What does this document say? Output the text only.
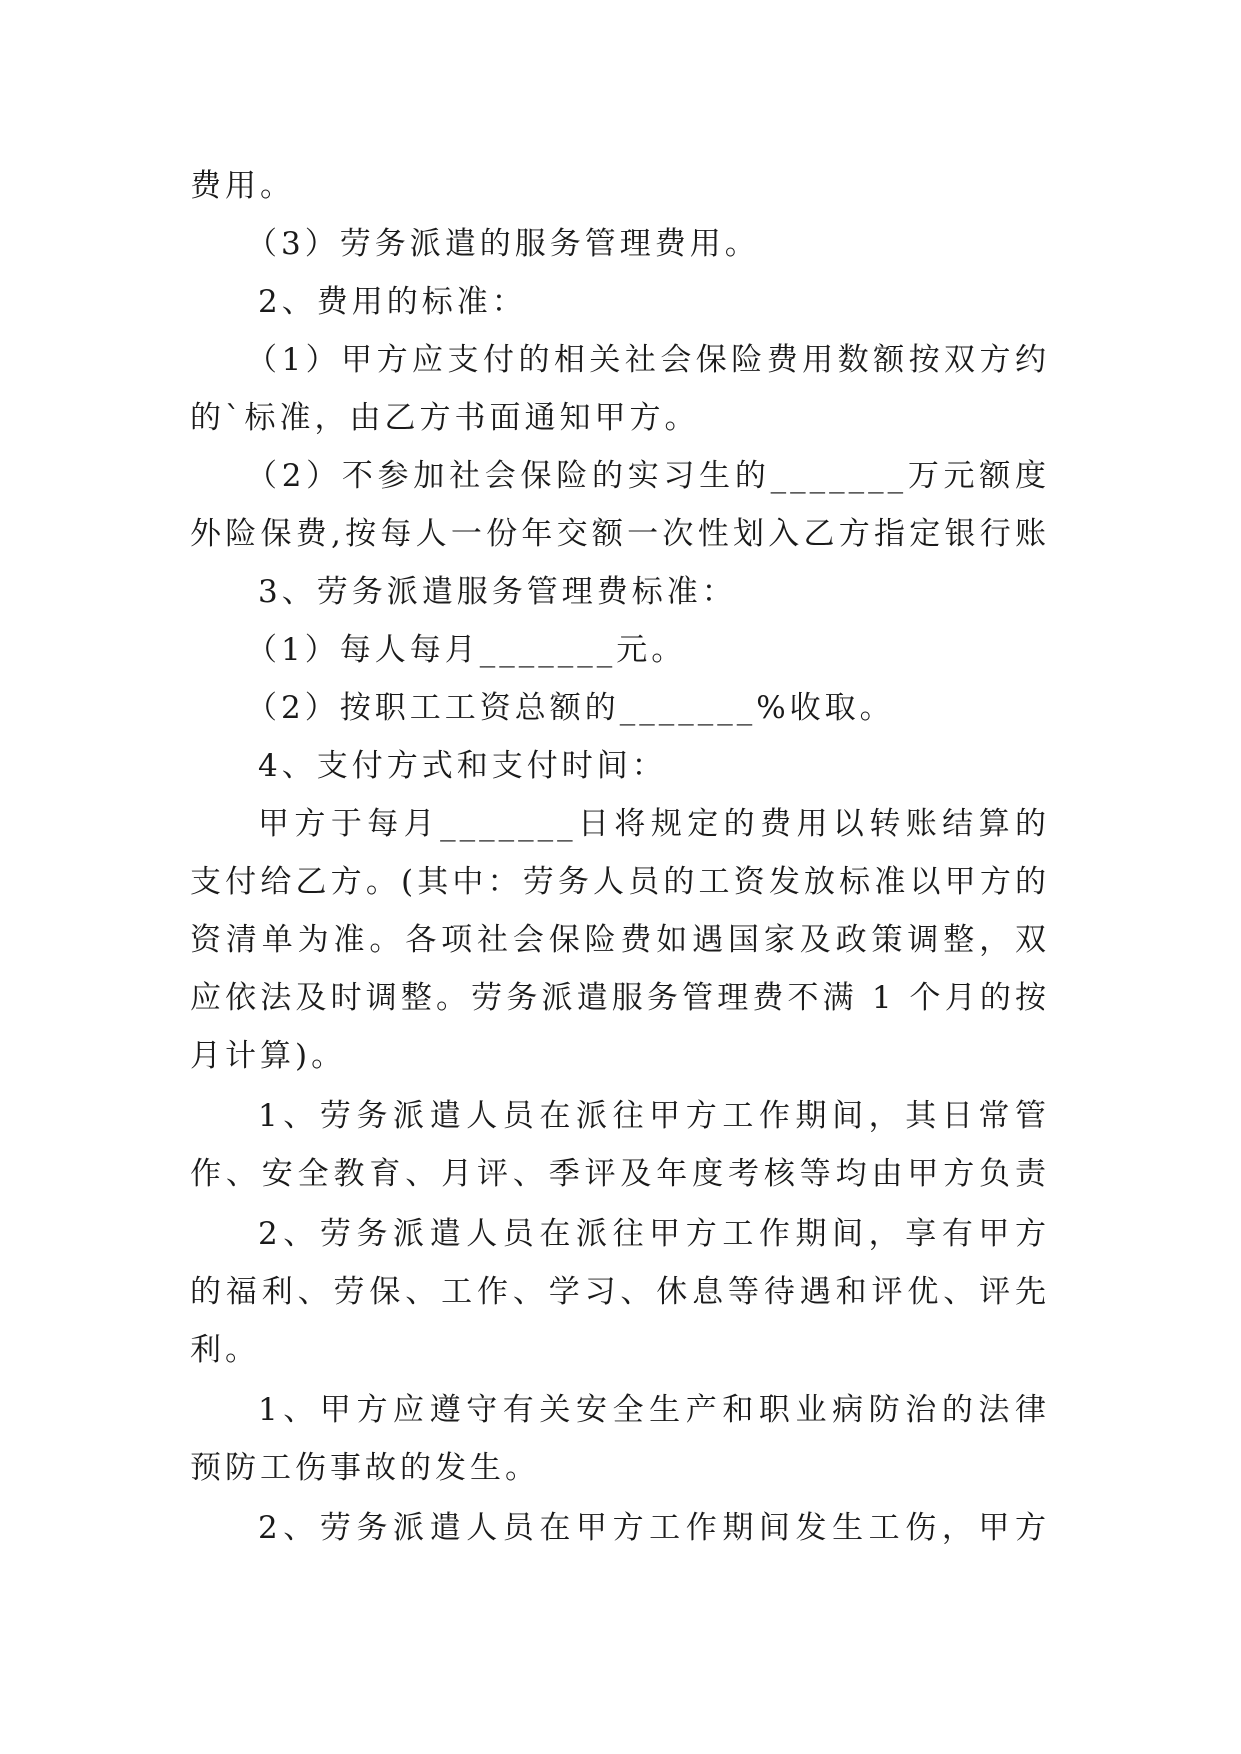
费用。
（3）劳务派遣的服务管理费用。
2、费用的标准：
（1）甲方应支付的相关社会保险费用数额按双方约
的`标准，由乙方书面通知甲方。
（2）不参加社会保险的实习生的_______万元额度
外险保费,按每人一份年交额一次性划入乙方指定银行账
3、劳务派遣服务管理费标准：
（1）每人每月_______元。
（2）按职工工资总额的_______%收取。
4、支付方式和支付时间：
甲方于每月_______日将规定的费用以转账结算的
支付给乙方。(其中：劳务人员的工资发放标准以甲方的
资清单为准。各项社会保险费如遇国家及政策调整，双
应依法及时调整。劳务派遣服务管理费不满 1 个月的按
月计算)。
1、劳务派遣人员在派往甲方工作期间，其日常管
作、安全教育、月评、季评及年度考核等均由甲方负责
2、劳务派遣人员在派往甲方工作期间，享有甲方
的福利、劳保、工作、学习、休息等待遇和评优、评先
利。
1、甲方应遵守有关安全生产和职业病防治的法律
预防工伤事故的发生。
2、劳务派遣人员在甲方工作期间发生工伤，甲方
